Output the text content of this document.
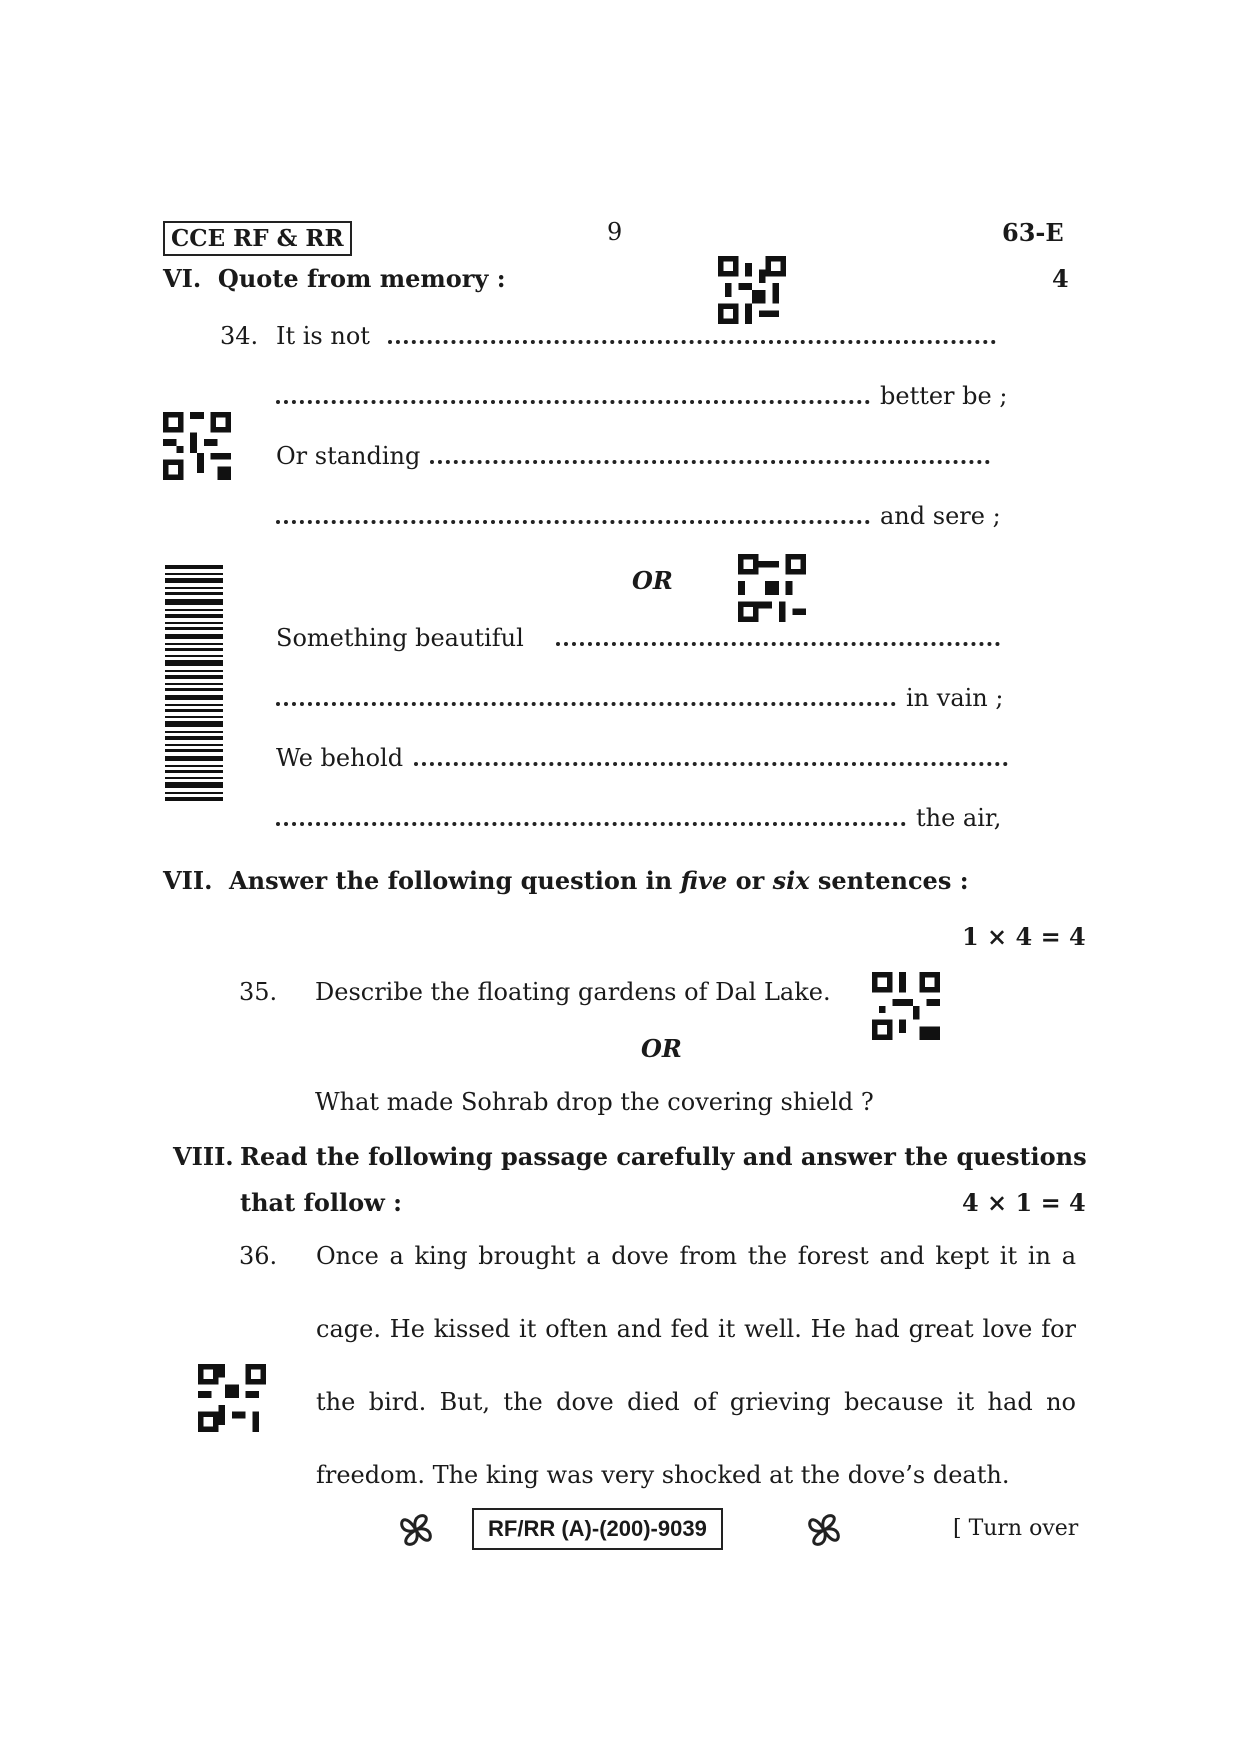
CCE RF & RR	9	63-E
VI.  Quote from memory :	4
34. It is not
better be ;
Or standing
and sere ;
OR
Something beautiful
in vain ;
We behold
the air,
VII. Answer the following question in five or six sentences :
1 × 4 = 4
35. Describe the floating gardens of Dal Lake.
OR
What made Sohrab drop the covering shield ?
VIII. Read the following passage carefully and answer the questions
that follow :	4 × 1 = 4
36. Once a king brought a dove from the forest and kept it in a
cage. He kissed it often and fed it well. He had great love for
the bird. But, the dove died of grieving because it had no
freedom. The king was very shocked at the dove’s death.
RF/RR (A)-(200)-9039	[ Turn over
